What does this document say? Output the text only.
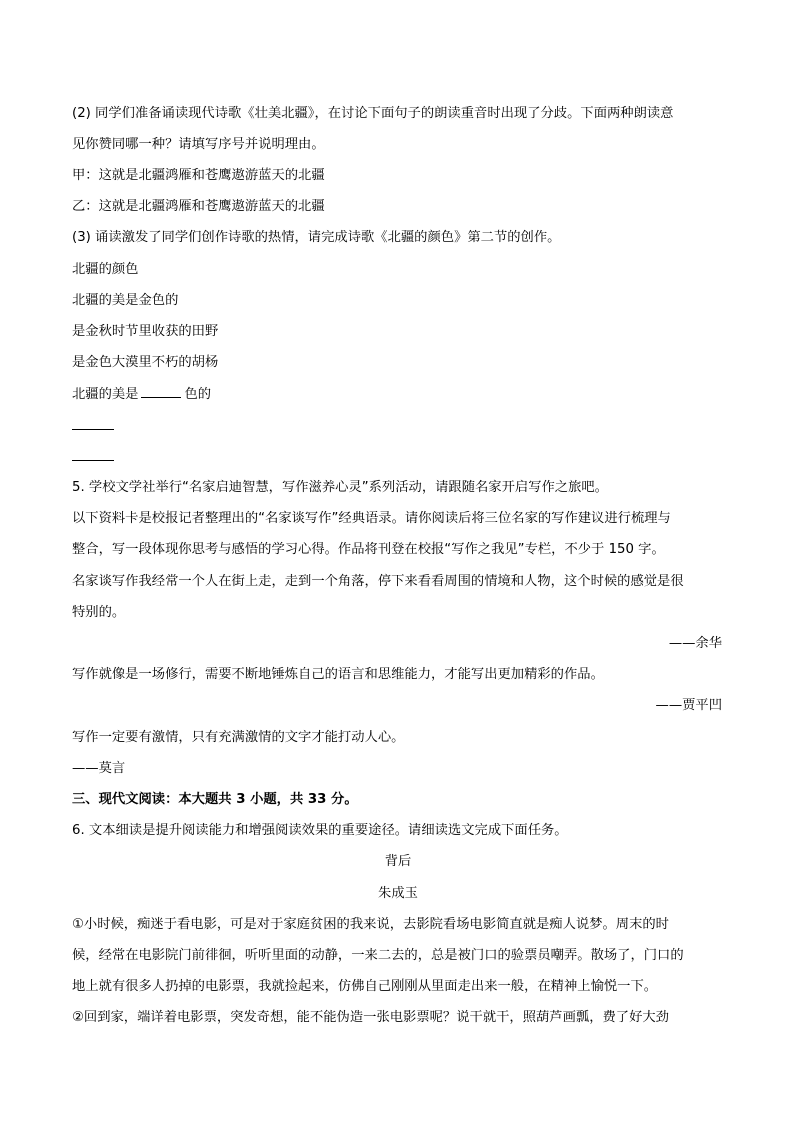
(2) 同学们准备诵读现代诗歌《壮美北疆》，在讨论下面句子的朗读重音时出现了分歧。下面两种朗读意
见你赞同哪一种？请填写序号并说明理由。
甲：这就是北疆鸿雁和苍鹰遨游蓝天的北疆
乙：这就是北疆鸿雁和苍鹰遨游蓝天的北疆
(3) 诵读激发了同学们创作诗歌的热情，请完成诗歌《北疆的颜色》第二节的创作。
北疆的颜色
北疆的美是金色的
是金秋时节里收获的田野
是金色大漠里不朽的胡杨
北疆的美是	色的
5. 学校文学社举行“名家启迪智慧，写作滋养心灵”系列活动，请跟随名家开启写作之旅吧。
以下资料卡是校报记者整理出的“名家谈写作”经典语录。请你阅读后将三位名家的写作建议进行梳理与
整合，写一段体现你思考与感悟的学习心得。作品将刊登在校报“写作之我见”专栏，不少于 150 字。
名家谈写作我经常一个人在街上走，走到一个角落，停下来看看周围的情境和人物，这个时候的感觉是很
特别的。
——余华
写作就像是一场修行，需要不断地锤炼自己的语言和思维能力，才能写出更加精彩的作品。
——贾平凹
写作一定要有激情，只有充满激情的文字才能打动人心。
——莫言
三、现代文阅读：本大题共 3 小题，共 33 分。
6. 文本细读是提升阅读能力和增强阅读效果的重要途径。请细读选文完成下面任务。
背后
朱成玉
①小时候，痴迷于看电影，可是对于家庭贫困的我来说，去影院看场电影简直就是痴人说梦。周末的时
候，经常在电影院门前徘徊，听听里面的动静，一来二去的，总是被门口的验票员嘲弄。散场了，门口的
地上就有很多人扔掉的电影票，我就捡起来，仿佛自己刚刚从里面走出来一般，在精神上愉悦一下。
②回到家，端详着电影票，突发奇想，能不能伪造一张电影票呢？说干就干，照葫芦画瓢，费了好大劲
